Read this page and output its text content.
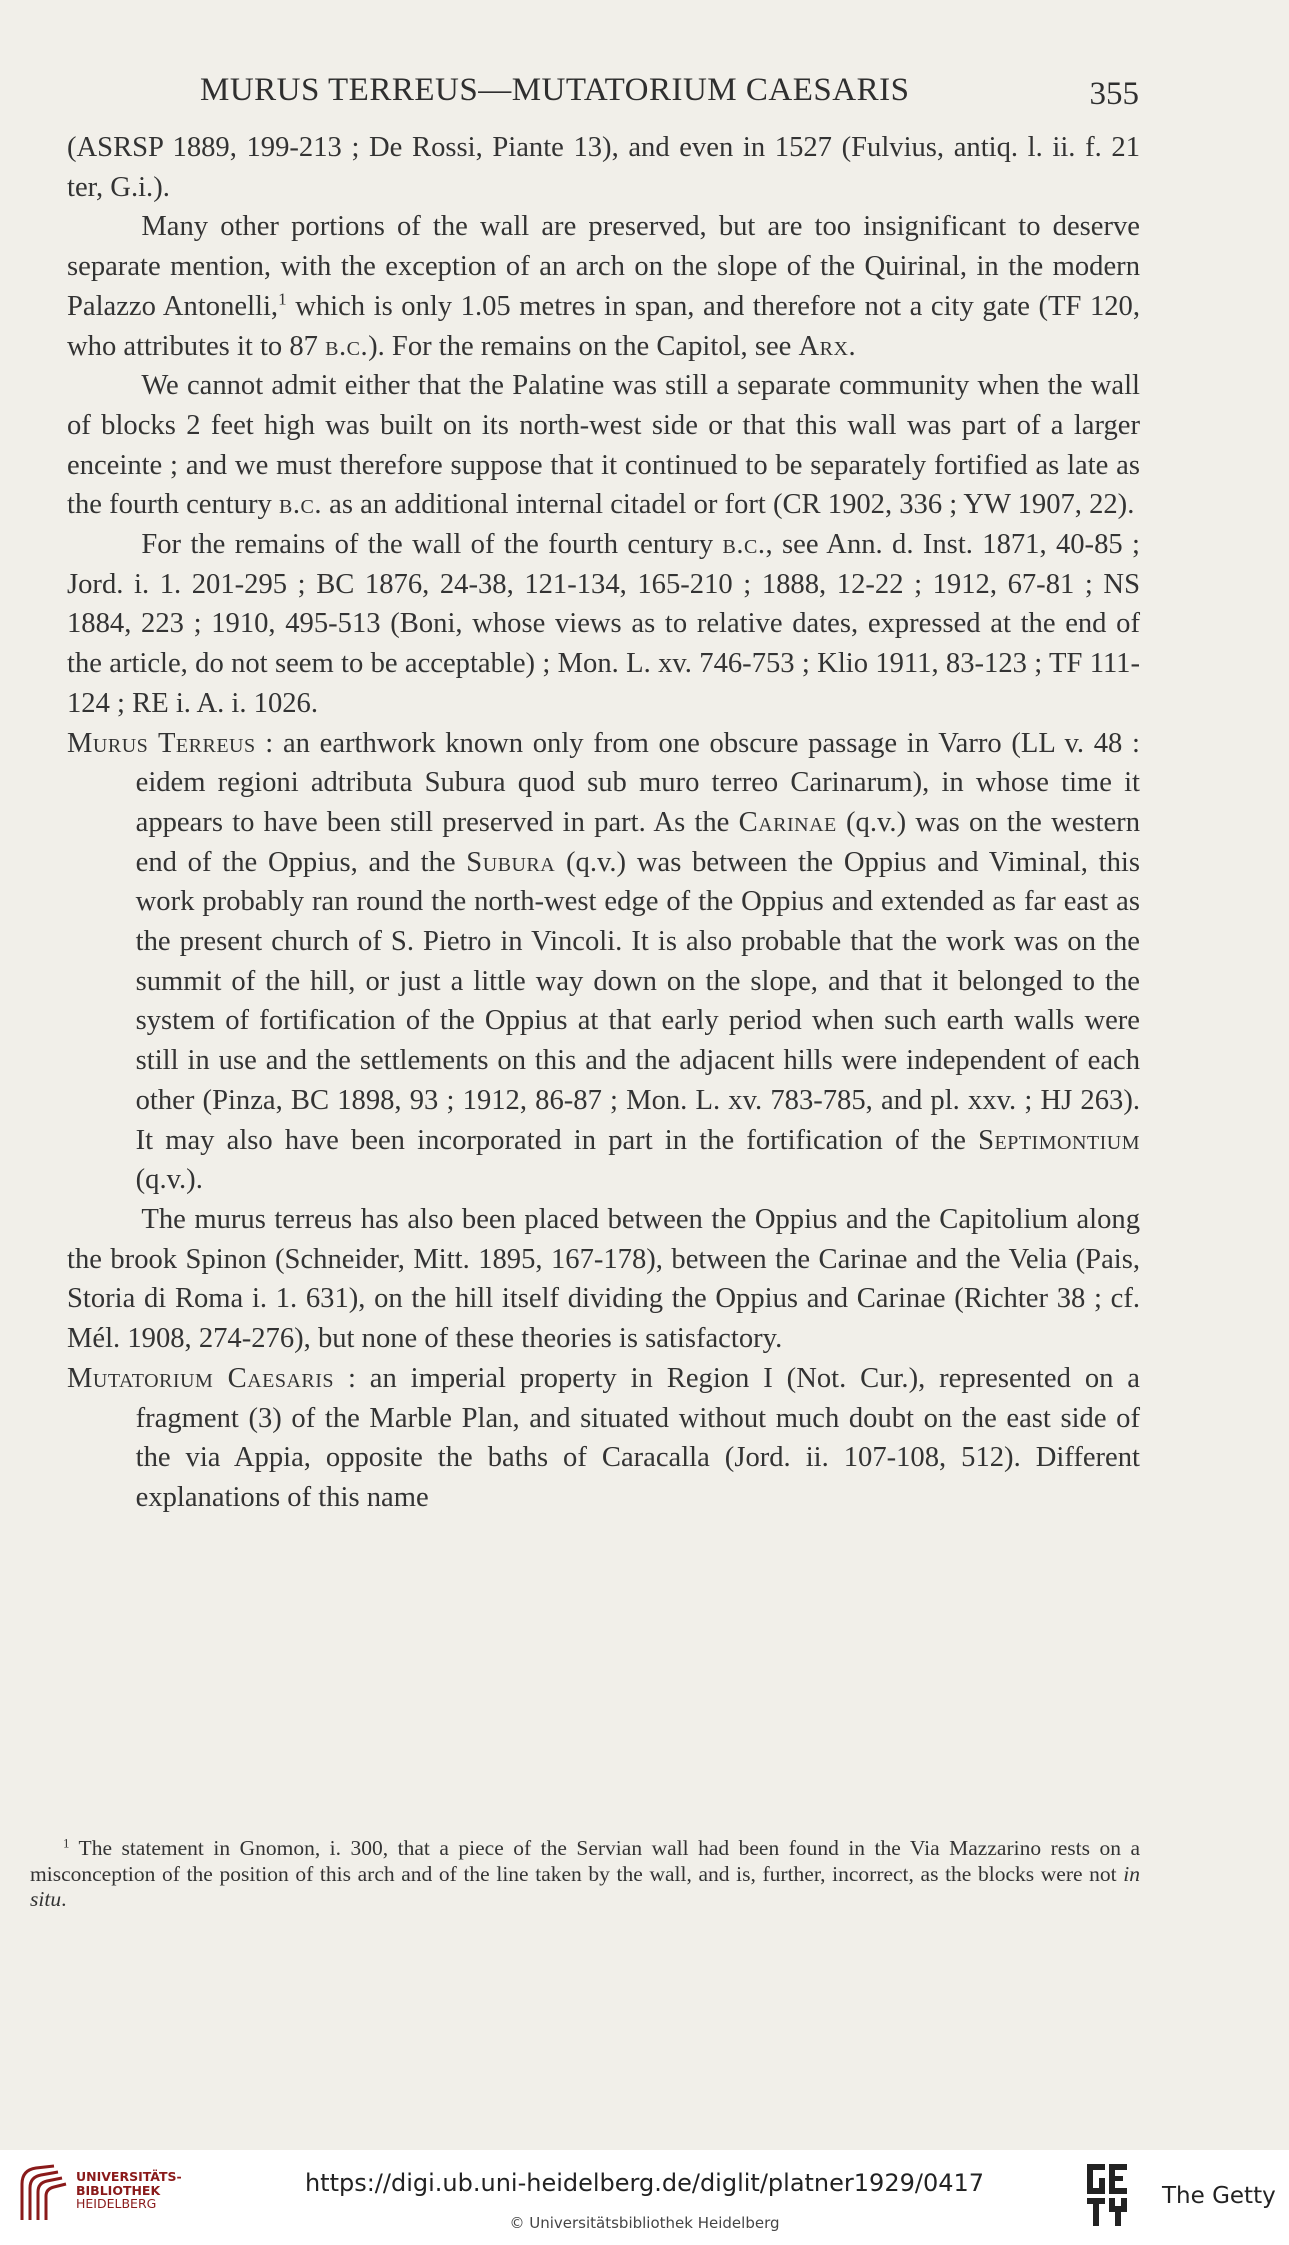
MURUS TERREUS—MUTATORIUM CAESARIS	355

(ASRSP 1889, 199-213 ; De Rossi, Piante 13), and even in 1527 (Fulvius, antiq. l. ii. f. 21 ter, G.i.).

Many other portions of the wall are preserved, but are too insignificant to deserve separate mention, with the exception of an arch on the slope of the Quirinal, in the modern Palazzo Antonelli,$^1$ which is only 1.05 metres in span, and therefore not a city gate (TF 120, who attributes it to 87 b.c.). For the remains on the Capitol, see Arx.

We cannot admit either that the Palatine was still a separate community when the wall of blocks 2 feet high was built on its north-west side or that this wall was part of a larger enceinte ; and we must therefore suppose that it continued to be separately fortified as late as the fourth century b.c. as an additional internal citadel or fort (CR 1902, 336 ; YW 1907, 22).

For the remains of the wall of the fourth century b.c., see Ann. d. Inst. 1871, 40-85 ; Jord. i. 1. 201-295 ; BC 1876, 24-38, 121-134, 165-210 ; 1888, 12-22 ; 1912, 67-81 ; NS 1884, 223 ; 1910, 495-513 (Boni, whose views as to relative dates, expressed at the end of the article, do not seem to be acceptable) ; Mon. L. xv. 746-753 ; Klio 1911, 83-123 ; TF 111-124 ; RE i. A. i. 1026.

Murus Terreus : an earthwork known only from one obscure passage in Varro (LL v. 48 : eidem regioni adtributa Subura quod sub muro terreo Carinarum), in whose time it appears to have been still preserved in part. As the Carinae (q.v.) was on the western end of the Oppius, and the Subura (q.v.) was between the Oppius and Viminal, this work probably ran round the north-west edge of the Oppius and extended as far east as the present church of S. Pietro in Vincoli. It is also probable that the work was on the summit of the hill, or just a little way down on the slope, and that it belonged to the system of fortification of the Oppius at that early period when such earth walls were still in use and the settlements on this and the adjacent hills were independent of each other (Pinza, BC 1898, 93 ; 1912, 86-87 ; Mon. L. xv. 783-785, and pl. xxv. ; HJ 263). It may also have been incorporated in part in the fortification of the Septimontium (q.v.).

The murus terreus has also been placed between the Oppius and the Capitolium along the brook Spinon (Schneider, Mitt. 1895, 167-178), between the Carinae and the Velia (Pais, Storia di Roma i. 1. 631), on the hill itself dividing the Oppius and Carinae (Richter 38 ; cf. Mél. 1908, 274-276), but none of these theories is satisfactory.

Mutatorium Caesaris : an imperial property in Region I (Not. Cur.), represented on a fragment (3) of the Marble Plan, and situated without much doubt on the east side of the via Appia, opposite the baths of Caracalla (Jord. ii. 107-108, 512). Different explanations of this name

$^1$ The statement in Gnomon, i. 300, that a piece of the Servian wall had been found in the Via Mazzarino rests on a misconception of the position of this arch and of the line taken by the wall, and is, further, incorrect, as the blocks were not in situ.

UNIVERSITÄTS-
BIBLIOTHEK
HEIDELBERG
https://digi.ub.uni-heidelberg.de/diglit/platner1929/0417
© Universitätsbibliothek Heidelberg
The Getty
